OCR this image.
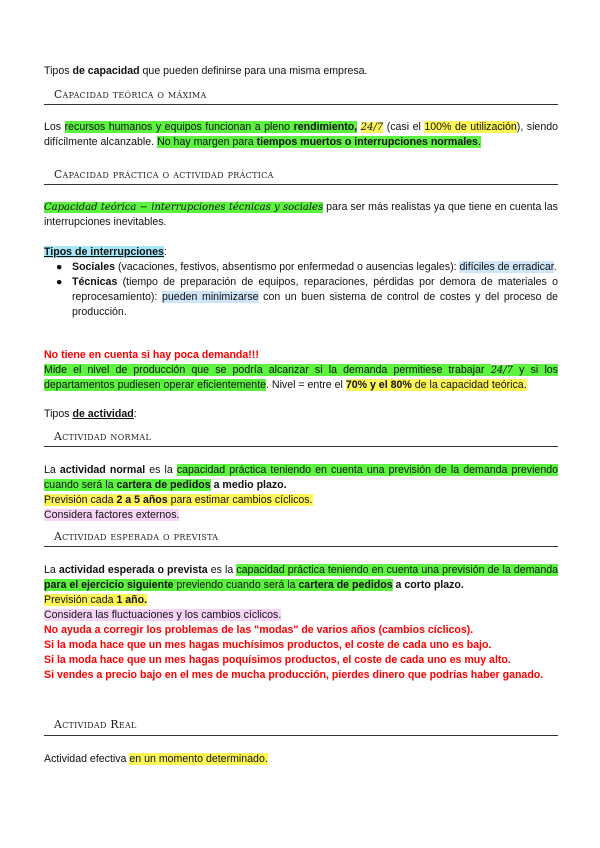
Tipos de capacidad que pueden definirse para una misma empresa.

Capacidad teórica o máxima

Los recursos humanos y equipos funcionan a pleno rendimiento, 24/7 (casi el 100% de utilización), siendo difícilmente alcanzable. No hay margen para tiempos muertos o interrupciones normales.

Capacidad práctica o actividad práctica

Capacidad teórica − interrupciones técnicas y sociales para ser más realistas ya que tiene en cuenta las interrupciones inevitables.

Tipos de interrupciones:

● Sociales (vacaciones, festivos, absentismo por enfermedad o ausencias legales): difíciles de erradicar.
● Técnicas (tiempo de preparación de equipos, reparaciones, pérdidas por demora de materiales o reprocesamiento): pueden minimizarse con un buen sistema de control de costes y del proceso de producción.

No tiene en cuenta si hay poca demanda!!!

Mide el nivel de producción que se podría alcanzar si la demanda permitiese trabajar 24/7 y si los departamentos pudiesen operar eficientemente. Nivel = entre el 70% y el 80% de la capacidad teórica.

Tipos de actividad:

Actividad normal

La actividad normal es la capacidad práctica teniendo en cuenta una previsión de la demanda previendo cuando será la cartera de pedidos a medio plazo.

Previsión cada 2 a 5 años para estimar cambios cíclicos.

Considera factores externos.

Actividad esperada o prevista

La actividad esperada o prevista es la capacidad práctica teniendo en cuenta una previsión de la demanda para el ejercicio siguiente previendo cuando será la cartera de pedidos a corto plazo.

Previsión cada 1 año.

Considera las fluctuaciones y los cambios cíclicos.

No ayuda a corregir los problemas de las "modas" de varios años (cambios cíclicos).

Si la moda hace que un mes hagas muchísimos productos, el coste de cada uno es bajo.

Si la moda hace que un mes hagas poquísimos productos, el coste de cada uno es muy alto.

Si vendes a precio bajo en el mes de mucha producción, pierdes dinero que podrías haber ganado.

Actividad Real

Actividad efectiva en un momento determinado.
